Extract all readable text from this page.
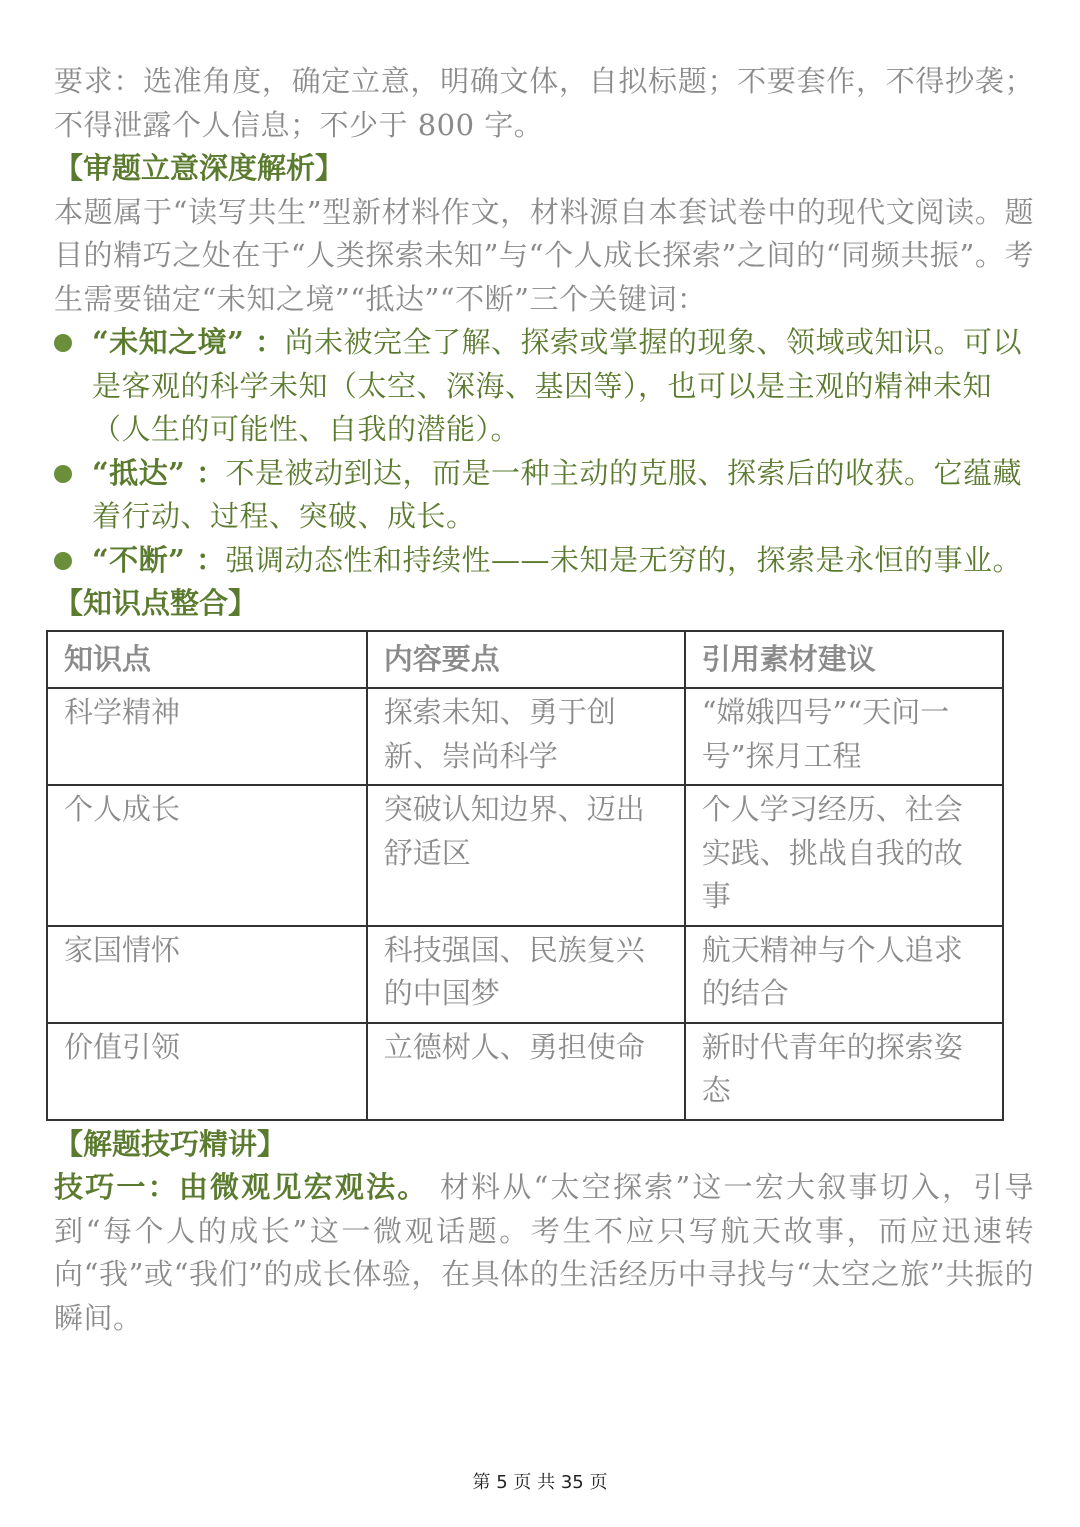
要求：选准角度，确定立意，明确文体，自拟标题；不要套作，不得抄袭；不得泄露个人信息；不少于 800 字。

【审题立意深度解析】

本题属于“读写共生”型新材料作文，材料源自本套试卷中的现代文阅读。题目的精巧之处在于“人类探索未知”与“个人成长探索”之间的“同频共振”。考生需要锚定“未知之境”“抵达”“不断”三个关键词：

“未知之境” ：尚未被完全了解、探索或掌握的现象、领域或知识。可以是客观的科学未知（太空、深海、基因等），也可以是主观的精神未知（人生的可能性、自我的潜能）。
“抵达” ：不是被动到达，而是一种主动的克服、探索后的收获。它蕴藏着行动、过程、突破、成长。
“不断” ：强调动态性和持续性——未知是无穷的，探索是永恒的事业。

【知识点整合】

知识点	内容要点	引用素材建议
科学精神	探索未知、勇于创新、崇尚科学	“嫦娥四号”“天问一号”探月工程
个人成长	突破认知边界、迈出舒适区	个人学习经历、社会实践、挑战自我的故事
家国情怀	科技强国、民族复兴的中国梦	航天精神与个人追求的结合
价值引领	立德树人、勇担使命	新时代青年的探索姿态

【解题技巧精讲】

技巧一：由微观见宏观法。 材料从“太空探索”这一宏大叙事切入，引导到“每个人的成长”这一微观话题。考生不应只写航天故事，而应迅速转向“我”或“我们”的成长体验，在具体的生活经历中寻找与“太空之旅”共振的瞬间。

第 5 页 共 35 页
